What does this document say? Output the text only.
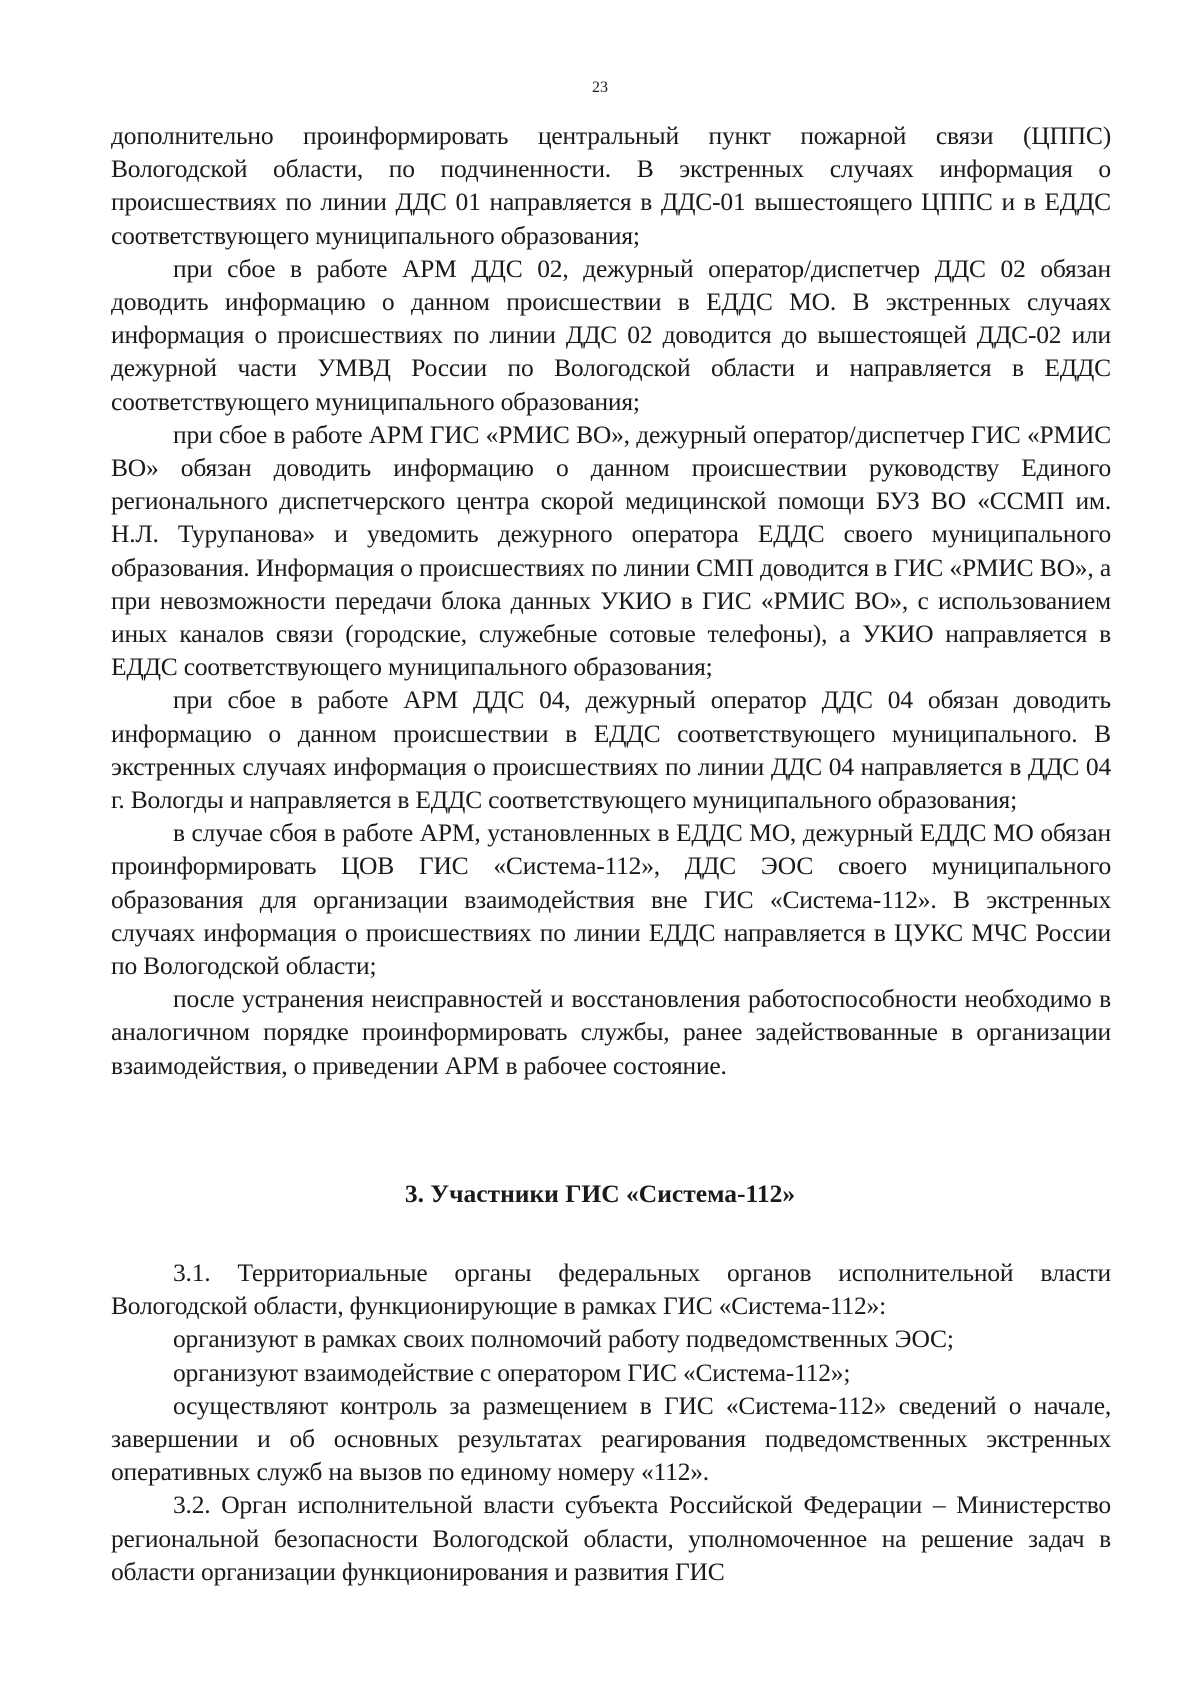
23

дополнительно проинформировать центральный пункт пожарной связи (ЦППС) Вологодской области, по подчиненности. В экстренных случаях информация о происшествиях по линии ДДС 01 направляется в ДДС-01 вышестоящего ЦППС и в ЕДДС соответствующего муниципального образования;

при сбое в работе АРМ ДДС 02, дежурный оператор/диспетчер ДДС 02 обязан доводить информацию о данном происшествии в ЕДДС МО. В экстренных случаях информация о происшествиях по линии ДДС 02 доводится до вышестоящей ДДС-02 или дежурной части УМВД России по Вологодской области и направляется в ЕДДС соответствующего муниципального образования;

при сбое в работе АРМ ГИС «РМИС ВО», дежурный оператор/диспетчер ГИС «РМИС ВО» обязан доводить информацию о данном происшествии руководству Единого регионального диспетчерского центра скорой медицинской помощи БУЗ ВО «ССМП им. Н.Л. Турупанова» и уведомить дежурного оператора ЕДДС своего муниципального образования. Информация о происшествиях по линии СМП доводится в ГИС «РМИС ВО», а при невозможности передачи блока данных УКИО в ГИС «РМИС ВО», с использованием иных каналов связи (городские, служебные сотовые телефоны), а УКИО направляется в ЕДДС соответствующего муниципального образования;

при сбое в работе АРМ ДДС 04, дежурный оператор ДДС 04 обязан доводить информацию о данном происшествии в ЕДДС соответствующего муниципального. В экстренных случаях информация о происшествиях по линии ДДС 04 направляется в ДДС 04 г. Вологды и направляется в ЕДДС соответствующего муниципального образования;

в случае сбоя в работе АРМ, установленных в ЕДДС МО, дежурный ЕДДС МО обязан проинформировать ЦОВ ГИС «Система-112», ДДС ЭОС своего муниципального образования для организации взаимодействия вне ГИС «Система-112». В экстренных случаях информация о происшествиях по линии ЕДДС направляется в ЦУКС МЧС России по Вологодской области;

после устранения неисправностей и восстановления работоспособности необходимо в аналогичном порядке проинформировать службы, ранее задействованные в организации взаимодействия, о приведении АРМ в рабочее состояние.

3. Участники ГИС «Система-112»

3.1. Территориальные органы федеральных органов исполнительной власти Вологодской области, функционирующие в рамках ГИС «Система-112»:

организуют в рамках своих полномочий работу подведомственных ЭОС;

организуют взаимодействие с оператором ГИС «Система-112»;

осуществляют контроль за размещением в ГИС «Система-112» сведений о начале, завершении и об основных результатах реагирования подведомственных экстренных оперативных служб на вызов по единому номеру «112».

3.2. Орган исполнительной власти субъекта Российской Федерации – Министерство региональной безопасности Вологодской области, уполномоченное на решение задач в области организации функционирования и развития ГИС
